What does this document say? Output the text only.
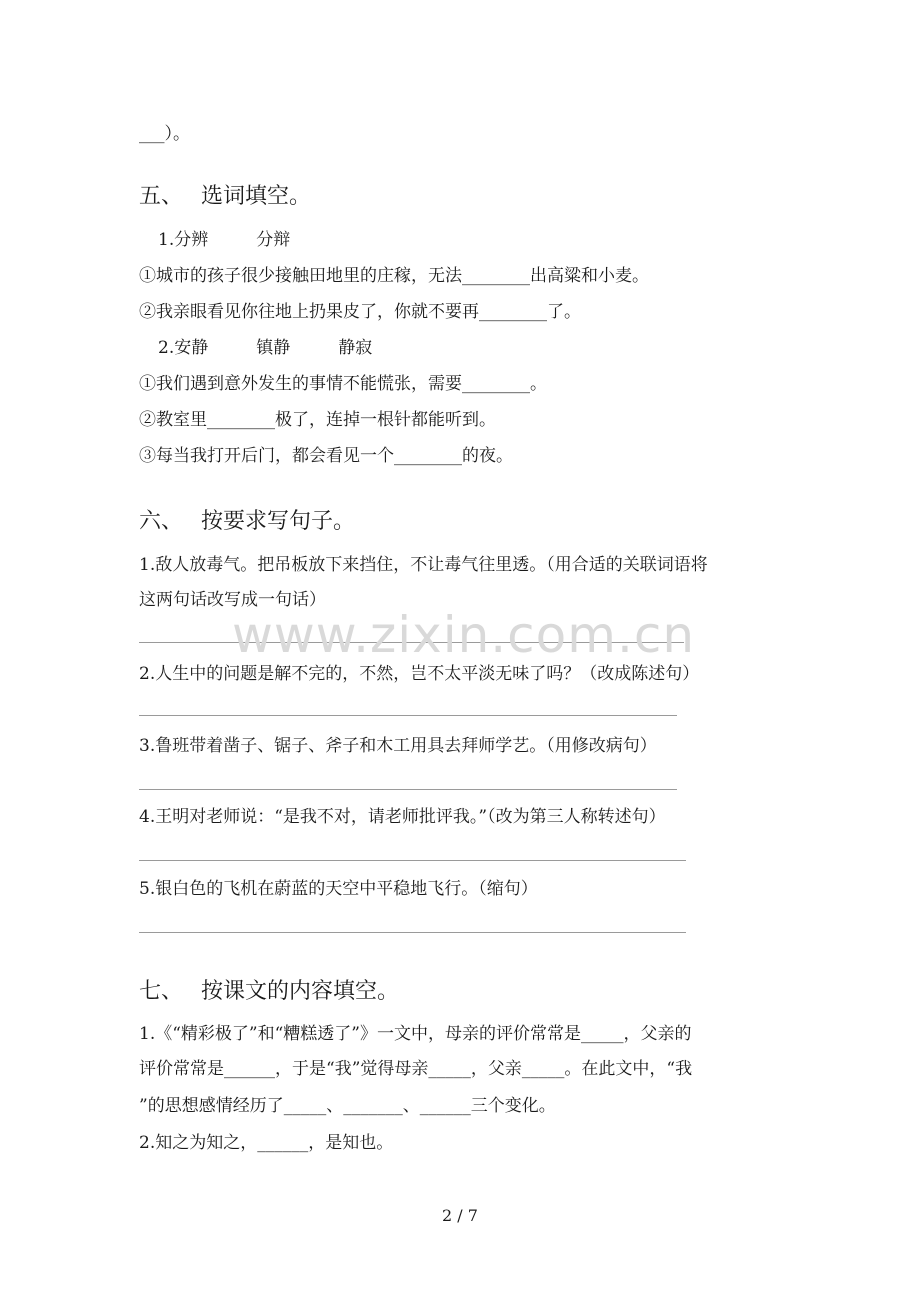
___）。
五、 选词填空。
1.分辨	分辩
①城市的孩子很少接触田地里的庄稼，无法________出高粱和小麦。
②我亲眼看见你往地上扔果皮了，你就不要再________了。
2.安静	镇静	静寂
①我们遇到意外发生的事情不能慌张，需要________。
②教室里________极了，连掉一根针都能听到。
③每当我打开后门，都会看见一个________的夜。
六、 按要求写句子。
1.敌人放毒气。把吊板放下来挡住，不让毒气往里透。（用合适的关联词语将
这两句话改写成一句话）
2.人生中的问题是解不完的，不然，岂不太平淡无味了吗？（改成陈述句）
3.鲁班带着凿子、锯子、斧子和木工用具去拜师学艺。（用修改病句）
4.王明对老师说：“是我不对，请老师批评我。”（改为第三人称转述句）
5.银白色的飞机在蔚蓝的天空中平稳地飞行。（缩句）
七、 按课文的内容填空。
1.《“精彩极了”和“糟糕透了”》一文中，母亲的评价常常是_____，父亲的
评价常常是______，于是“我”觉得母亲_____，父亲_____。在此文中，“我
”的思想感情经历了_____、_______、______三个变化。
2.知之为知之，______，是知也。
www.zixin.com.cn
2 / 7
